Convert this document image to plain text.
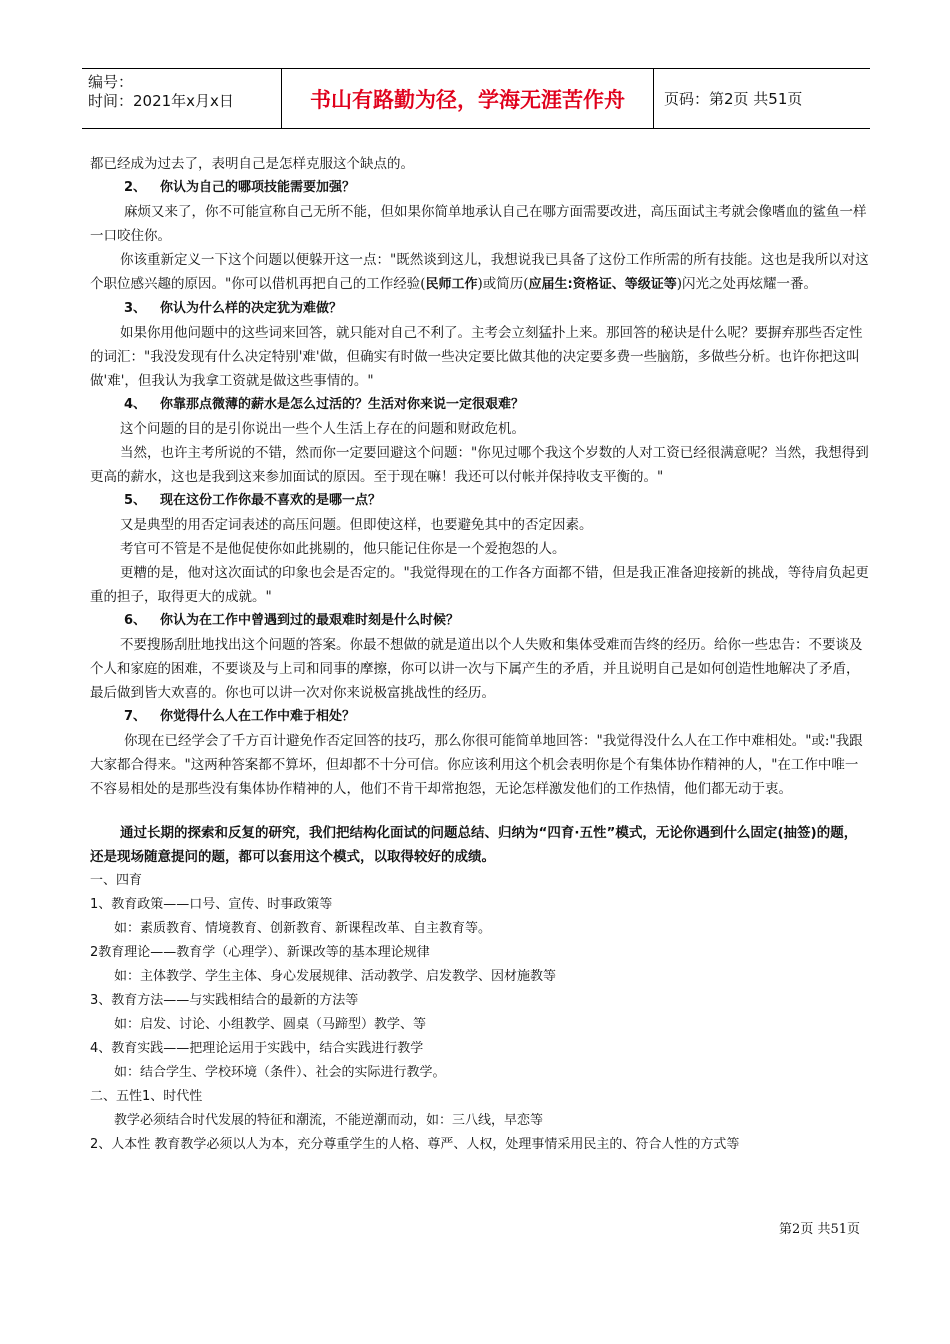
编号：
时间：2021年x月x日	书山有路勤为径，学海无涯苦作舟	页码：第2页 共51页

都已经成为过去了，表明自己是怎样克服这个缺点的。

2、 你认为自己的哪项技能需要加强？

麻烦又来了，你不可能宣称自己无所不能，但如果你简单地承认自己在哪方面需要改进，高压面试主考就会像嗜血的鲨鱼一样一口咬住你。

你该重新定义一下这个问题以便躲开这一点："既然谈到这儿，我想说我已具备了这份工作所需的所有技能。这也是我所以对这个职位感兴趣的原因。"你可以借机再把自己的工作经验(民师工作)或简历(应届生:资格证、等级证等)闪光之处再炫耀一番。

3、 你认为什么样的决定犹为难做？

如果你用他问题中的这些词来回答，就只能对自己不利了。主考会立刻猛扑上来。那回答的秘诀是什么呢？要摒弃那些否定性的词汇："我没发现有什么决定特别'难'做，但确实有时做一些决定要比做其他的决定要多费一些脑筋，多做些分析。也许你把这叫做'难'，但我认为我拿工资就是做这些事情的。"

4、 你靠那点微薄的薪水是怎么过活的？生活对你来说一定很艰难？

这个问题的目的是引你说出一些个人生活上存在的问题和财政危机。

当然，也许主考所说的不错，然而你一定要回避这个问题："你见过哪个我这个岁数的人对工资已经很满意呢？当然，我想得到更高的薪水，这也是我到这来参加面试的原因。至于现在嘛！我还可以付帐并保持收支平衡的。"

5、 现在这份工作你最不喜欢的是哪一点？

又是典型的用否定词表述的高压问题。但即使这样，也要避免其中的否定因素。

考官可不管是不是他促使你如此挑剔的，他只能记住你是一个爱抱怨的人。

更糟的是，他对这次面试的印象也会是否定的。"我觉得现在的工作各方面都不错，但是我正准备迎接新的挑战，等待肩负起更重的担子，取得更大的成就。"

6、 你认为在工作中曾遇到过的最艰难时刻是什么时候？

不要搜肠刮肚地找出这个问题的答案。你最不想做的就是道出以个人失败和集体受难而告终的经历。给你一些忠告：不要谈及个人和家庭的困难，不要谈及与上司和同事的摩擦，你可以讲一次与下属产生的矛盾，并且说明自己是如何创造性地解决了矛盾，最后做到皆大欢喜的。你也可以讲一次对你来说极富挑战性的经历。

7、 你觉得什么人在工作中难于相处？

你现在已经学会了千方百计避免作否定回答的技巧，那么你很可能简单地回答："我觉得没什么人在工作中难相处。"或:"我跟大家都合得来。"这两种答案都不算坏，但却都不十分可信。你应该利用这个机会表明你是个有集体协作精神的人，"在工作中唯一不容易相处的是那些没有集体协作精神的人，他们不肯干却常抱怨，无论怎样激发他们的工作热情，他们都无动于衷。

通过长期的探索和反复的研究，我们把结构化面试的问题总结、归纳为“四育·五性”模式，无论你遇到什么固定(抽签)的题，还是现场随意提问的题，都可以套用这个模式，以取得较好的成绩。

一、四育

1、教育政策——口号、宣传、时事政策等

如：素质教育、情境教育、创新教育、新课程改革、自主教育等。

2教育理论——教育学（心理学）、新课改等的基本理论规律

如：主体教学、学生主体、身心发展规律、活动教学、启发教学、因材施教等

3、教育方法——与实践相结合的最新的方法等

如：启发、讨论、小组教学、圆桌（马蹄型）教学、等

4、教育实践——把理论运用于实践中，结合实践进行教学

如：结合学生、学校环境（条件）、社会的实际进行教学。

二、五性1、时代性

教学必须结合时代发展的特征和潮流，不能逆潮而动，如：三八线，早恋等

2、人本性 教育教学必须以人为本，充分尊重学生的人格、尊严、人权，处理事情采用民主的、符合人性的方式等

第2页 共51页
